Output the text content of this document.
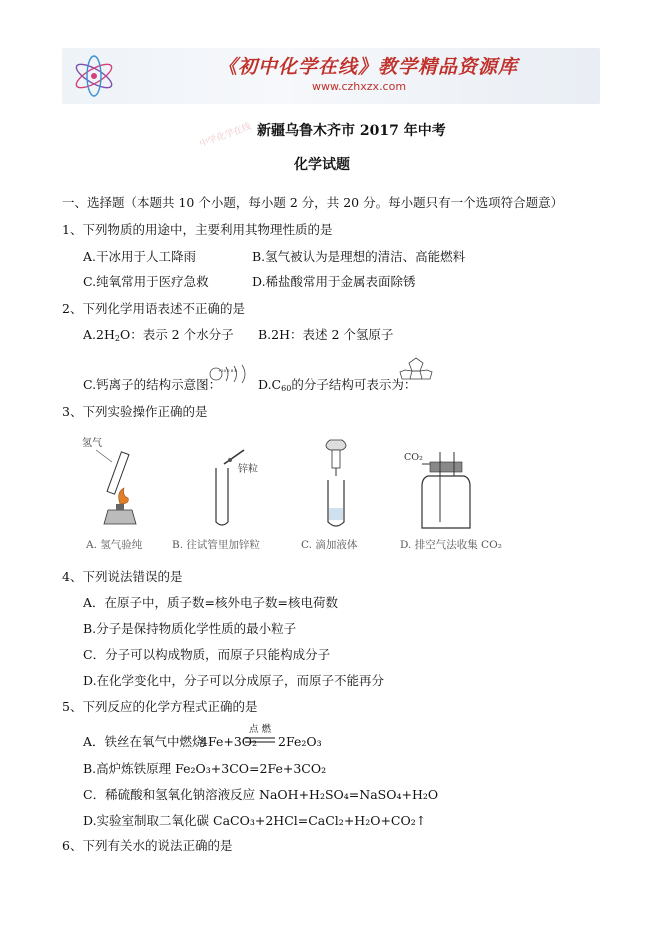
《初中化学在线》教学精品资源库
www.czhxzx.com
中学化学在线 新疆乌鲁木齐市 2017 年中考
化学试题
一、选择题（本题共 10 个小题，每小题 2 分，共 20 分。每小题只有一个选项符合题意）
1、下列物质的用途中，主要利用其物理性质的是
A.干冰用于人工降雨	B.氢气被认为是理想的清洁、高能燃料
C.纯氧常用于医疗急救	D.稀盐酸常用于金属表面除锈
2、下列化学用语表述不正确的是
$A.2H_2O$：表示 2 个水分子 B.2H：表述 2 个氢原子
C.钙离子的结构示意图：
+20 2 8 8
$D.C_{60}$的分子结构可表示为：
3、下列实验操作正确的是
氢气
A. 氢气验纯
锌粒
B. 往试管里加锌粒	C. 滴加液体
CO₂
D. 排空气法收集 CO₂
4、下列说法错误的是
A．在原子中，质子数=核外电子数=核电荷数
B.分子是保持物质化学性质的最小粒子
C．分子可以构成物质，而原子只能构成分子
D.在化学变化中，分子可以分成原子，而原子不能再分
5、下列反应的化学方程式正确的是
A．铁丝在氧气中燃烧
4Fe+3O₂
点 燃
2Fe₂O₃
B.高炉炼铁原理 Fe₂O₃+3CO=2Fe+3CO₂
C．稀硫酸和氢氧化钠溶液反应 NaOH+H₂SO₄=NaSO₄+H₂O
D.实验室制取二氧化碳 CaCO₃+2HCl=CaCl₂+H₂O+CO₂↑
6、下列有关水的说法正确的是
